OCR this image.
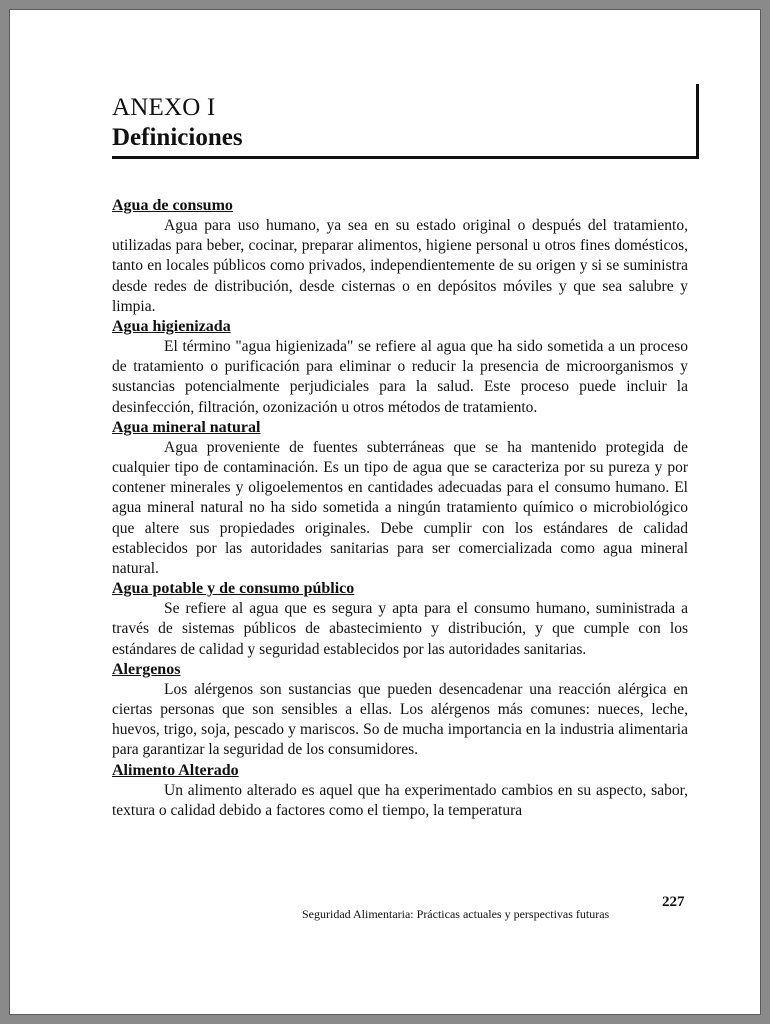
ANEXO I
Definiciones

Agua de consumo

Agua para uso humano, ya sea en su estado original o después del tratamiento, utilizadas para beber, cocinar, preparar alimentos, higiene personal u otros fines domésticos, tanto en locales públicos como privados, independientemente de su origen y si se suministra desde redes de distribución, desde cisternas o en depósitos móviles y que sea salubre y limpia.

Agua higienizada

El término "agua higienizada" se refiere al agua que ha sido sometida a un proceso de tratamiento o purificación para eliminar o reducir la presencia de microorganismos y sustancias potencialmente perjudiciales para la salud. Este proceso puede incluir la desinfección, filtración, ozonización u otros métodos de tratamiento.

Agua mineral natural

Agua proveniente de fuentes subterráneas que se ha mantenido protegida de cualquier tipo de contaminación. Es un tipo de agua que se caracteriza por su pureza y por contener minerales y oligoelementos en cantidades adecuadas para el consumo humano. El agua mineral natural no ha sido sometida a ningún tratamiento químico o microbiológico que altere sus propiedades originales. Debe cumplir con los estándares de calidad establecidos por las autoridades sanitarias para ser comercializada como agua mineral natural.

Agua potable y de consumo público

Se refiere al agua que es segura y apta para el consumo humano, suministrada a través de sistemas públicos de abastecimiento y distribución, y que cumple con los estándares de calidad y seguridad establecidos por las autoridades sanitarias.

Alergenos

Los alérgenos son sustancias que pueden desencadenar una reacción alérgica en ciertas personas que son sensibles a ellas. Los alérgenos más comunes: nueces, leche, huevos, trigo, soja, pescado y mariscos. So de mucha importancia en la industria alimentaria para garantizar la seguridad de los consumidores.

Alimento Alterado

Un alimento alterado es aquel que ha experimentado cambios en su aspecto, sabor, textura o calidad debido a factores como el tiempo, la temperatura

Seguridad Alimentaria: Prácticas actuales y perspectivas futuras
227
